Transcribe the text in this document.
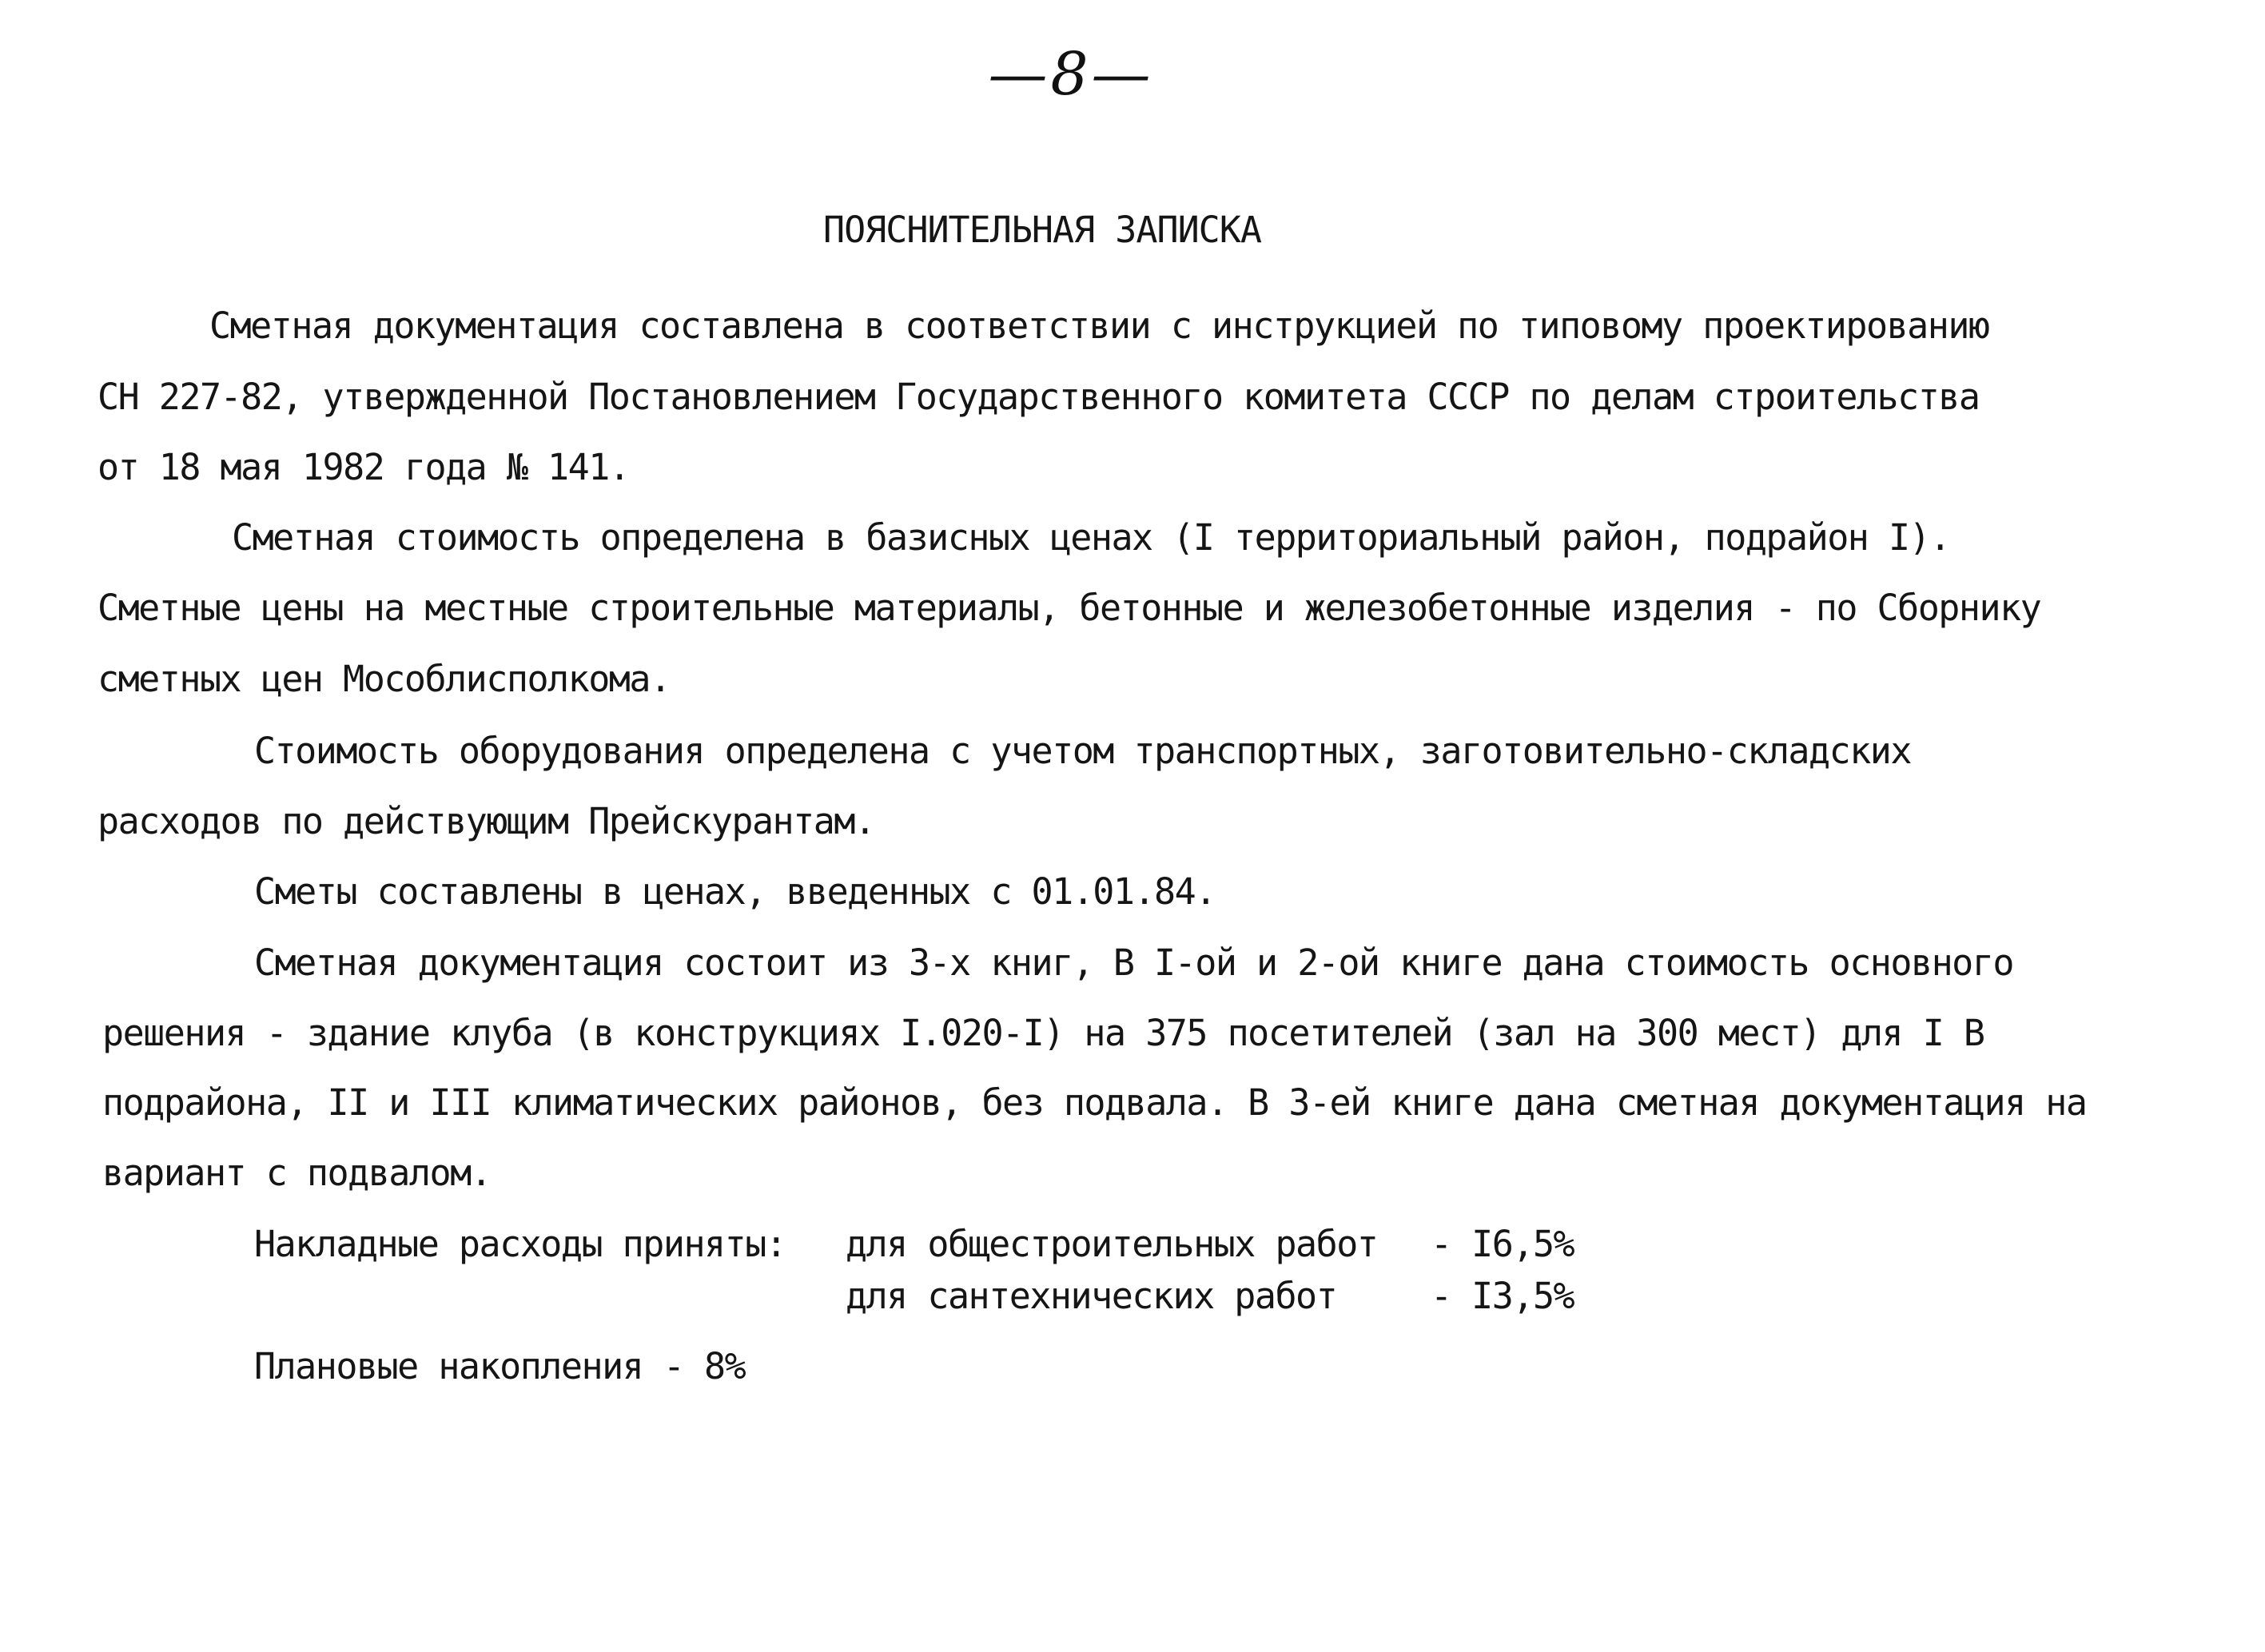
—8—
ПОЯСНИТЕЛЬНАЯ ЗАПИСКА
Сметная документация составлена в соответствии с инструкцией по типовому проектированию
СН 227-82, утвержденной Постановлением Государственного комитета СССР по делам строительства
от 18 мая 1982 года № 141.
Сметная стоимость определена в базисных ценах (I территориальный район, подрайон I).
Сметные цены на местные строительные материалы, бетонные и железобетонные изделия - по Сборнику
сметных цен Мособлисполкома.
Стоимость оборудования определена с учетом транспортных, заготовительно-складских
расходов по действующим Прейскурантам.
Сметы составлены в ценах, введенных с 01.01.84.
Сметная документация состоит из 3-х книг, В I-ой и 2-ой книге дана стоимость основного
решения - здание клуба (в конструкциях I.020-I) на 375 посетителей (зал на 300 мест) для I В
подрайона, II и III климатических районов, без подвала. В 3-ей книге дана сметная документация на
вариант с подвалом.
Накладные расходы приняты: для общестроительных работ - I6,5%
для сантехнических работ	- I3,5%
Плановые накопления - 8%
